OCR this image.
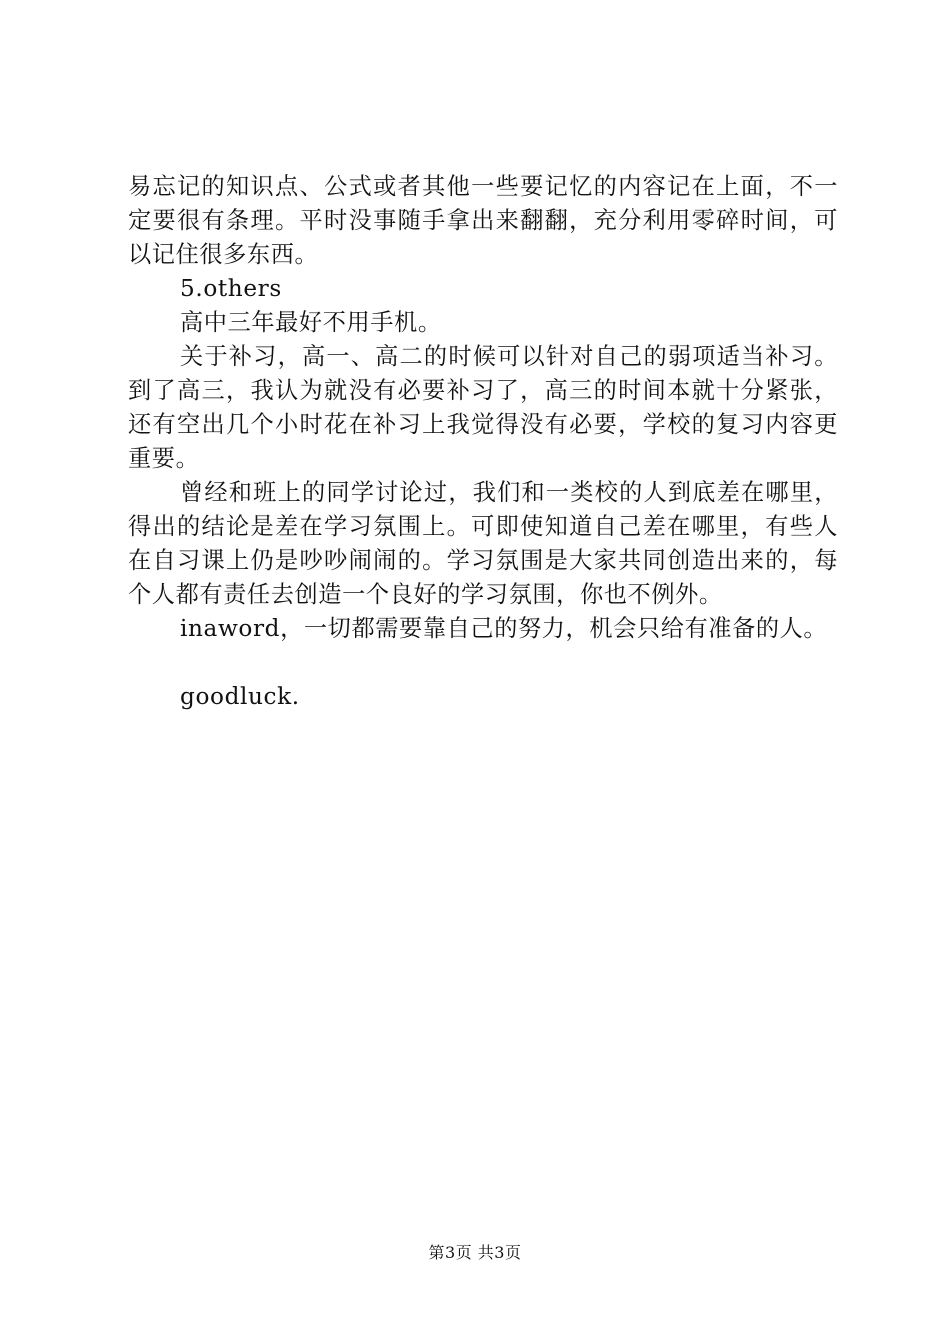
易忘记的知识点、公式或者其他一些要记忆的内容记在上面，不一定要很有条理。平时没事随手拿出来翻翻，充分利用零碎时间，可以记住很多东西。

5.others

高中三年最好不用手机。

关于补习，高一、高二的时候可以针对自己的弱项适当补习。到了高三，我认为就没有必要补习了，高三的时间本就十分紧张，还有空出几个小时花在补习上我觉得没有必要，学校的复习内容更重要。

曾经和班上的同学讨论过，我们和一类校的人到底差在哪里，得出的结论是差在学习氛围上。可即使知道自己差在哪里，有些人在自习课上仍是吵吵闹闹的。学习氛围是大家共同创造出来的，每个人都有责任去创造一个良好的学习氛围，你也不例外。

inaword，一切都需要靠自己的努力，机会只给有准备的人。

goodluck.

第3页 共3页
